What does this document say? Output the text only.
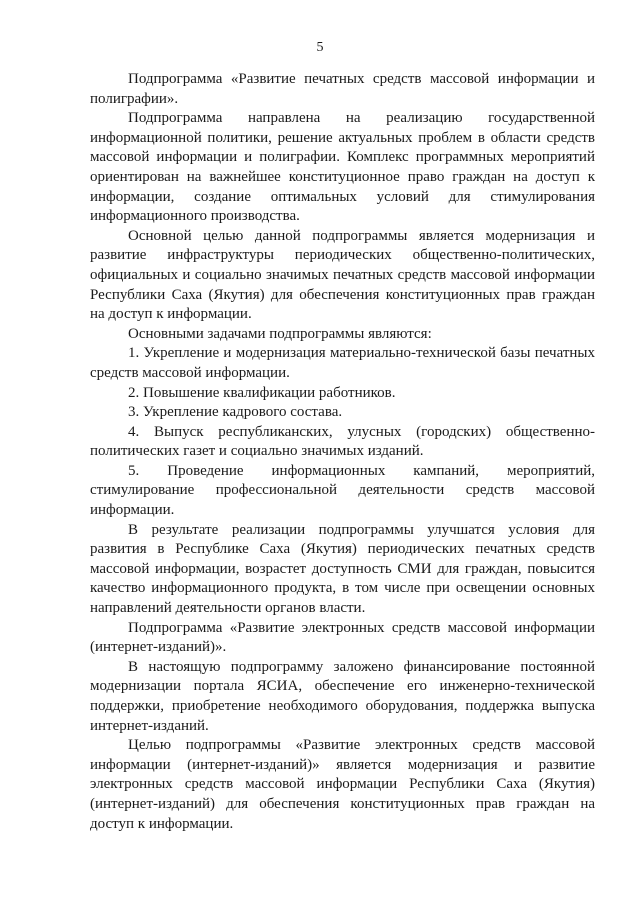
5

Подпрограмма «Развитие печатных средств массовой информации и полиграфии».

Подпрограмма направлена на реализацию государственной информационной политики, решение актуальных проблем в области средств массовой информации и полиграфии. Комплекс программных мероприятий ориентирован на важнейшее конституционное право граждан на доступ к информации, создание оптимальных условий для стимулирования информационного производства.

Основной целью данной подпрограммы является модернизация и развитие инфраструктуры периодических общественно-политических, официальных и социально значимых печатных средств массовой информации Республики Саха (Якутия) для обеспечения конституционных прав граждан на доступ к информации.

Основными задачами подпрограммы являются:

1. Укрепление и модернизация материально-технической базы печатных средств массовой информации.

2. Повышение квалификации работников.

3. Укрепление кадрового состава.

4. Выпуск республиканских, улусных (городских) общественно-политических газет и социально значимых изданий.

5. Проведение информационных кампаний, мероприятий, стимулирование профессиональной деятельности средств массовой информации.

В результате реализации подпрограммы улучшатся условия для развития в Республике Саха (Якутия) периодических печатных средств массовой информации, возрастет доступность СМИ для граждан, повысится качество информационного продукта, в том числе при освещении основных направлений деятельности органов власти.

Подпрограмма «Развитие электронных средств массовой информации (интернет-изданий)».

В настоящую подпрограмму заложено финансирование постоянной модернизации портала ЯСИА, обеспечение его инженерно-технической поддержки, приобретение необходимого оборудования, поддержка выпуска интернет-изданий.

Целью подпрограммы «Развитие электронных средств массовой информации (интернет-изданий)» является модернизация и развитие электронных средств массовой информации Республики Саха (Якутия) (интернет-изданий) для обеспечения конституционных прав граждан на доступ к информации.
